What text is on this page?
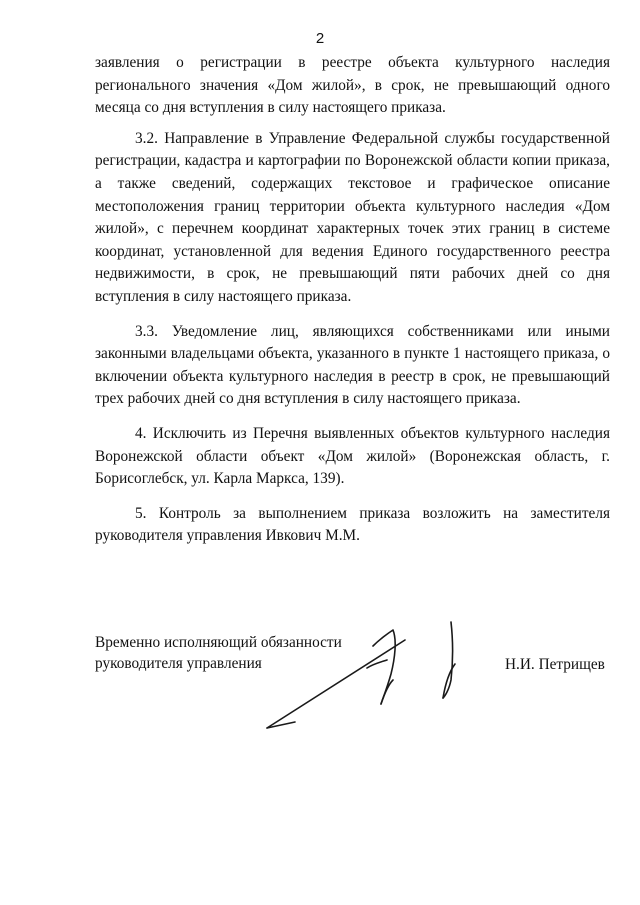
2

заявления о регистрации в реестре объекта культурного наследия регионального значения «Дом жилой», в срок, не превышающий одного месяца со дня вступления в силу настоящего приказа.

3.2. Направление в Управление Федеральной службы государственной регистрации, кадастра и картографии по Воронежской области копии приказа, а также сведений, содержащих текстовое и графическое описание местоположения границ территории объекта культурного наследия «Дом жилой», с перечнем координат характерных точек этих границ в системе координат, установленной для ведения Единого государственного реестра недвижимости, в срок, не превышающий пяти рабочих дней со дня вступления в силу настоящего приказа.

3.3. Уведомление лиц, являющихся собственниками или иными законными владельцами объекта, указанного в пункте 1 настоящего приказа, о включении объекта культурного наследия в реестр в срок, не превышающий трех рабочих дней со дня вступления в силу настоящего приказа.

4. Исключить из Перечня выявленных объектов культурного наследия Воронежской области объект «Дом жилой» (Воронежская область, г. Борисоглебск, ул. Карла Маркса, 139).

5. Контроль за выполнением приказа возложить на заместителя руководителя управления Ивкович М.М.

Временно исполняющий обязанности
руководителя управления	Н.И. Петрищев
